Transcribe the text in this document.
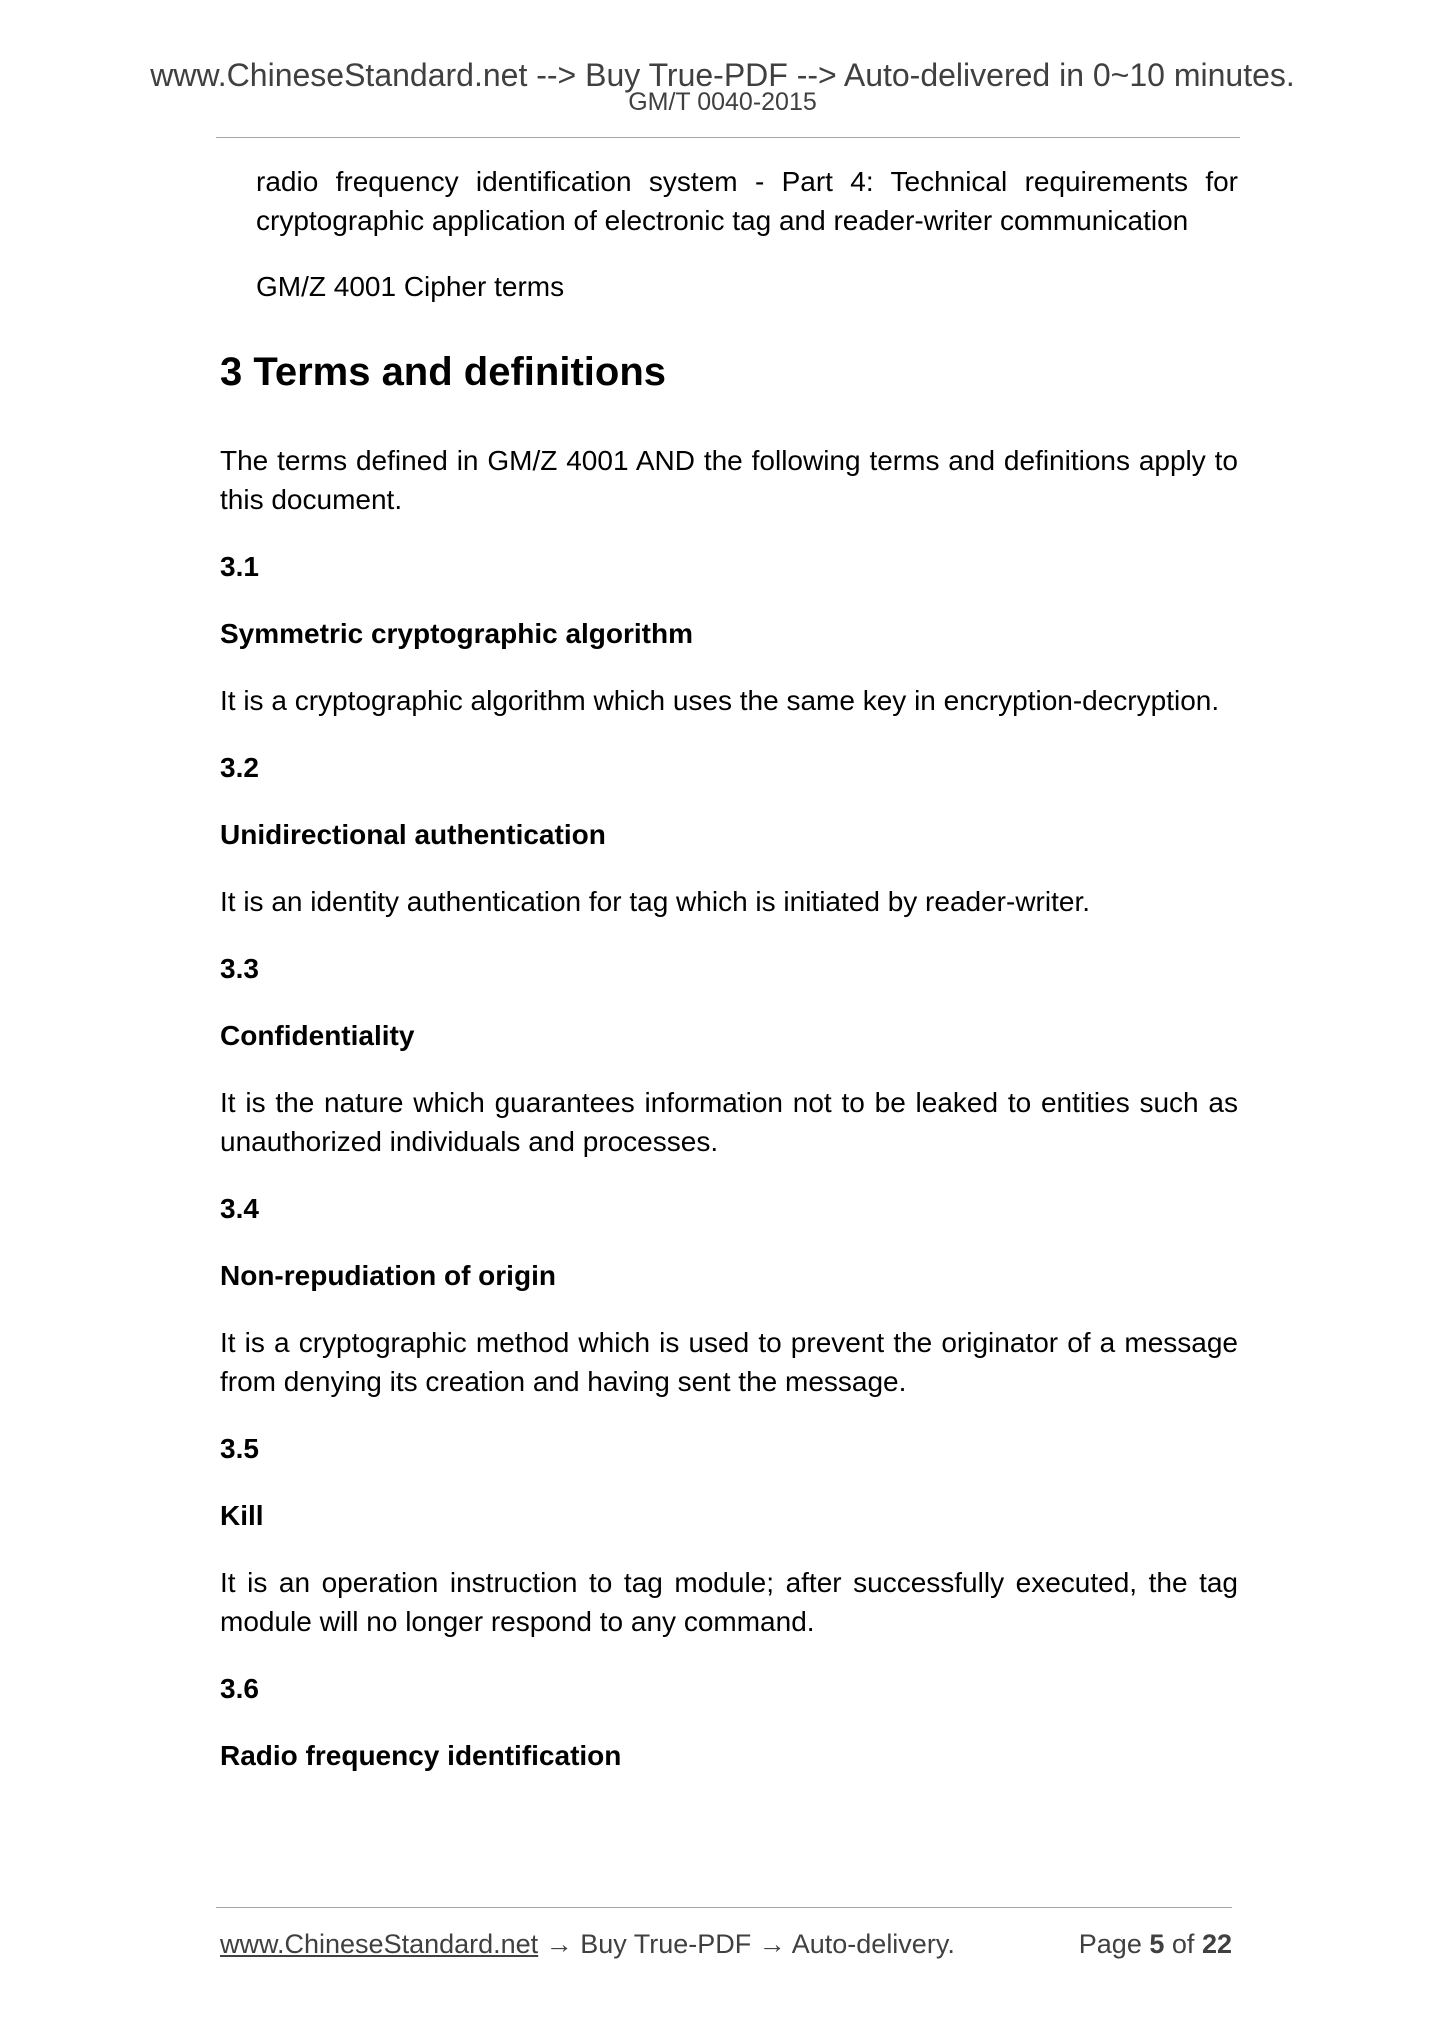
www.ChineseStandard.net --> Buy True-PDF --> Auto-delivered in 0~10 minutes.
GM/T 0040-2015
radio frequency identification system - Part 4: Technical requirements for cryptographic application of electronic tag and reader-writer communication
GM/Z 4001 Cipher terms
3 Terms and definitions
The terms defined in GM/Z 4001 AND the following terms and definitions apply to this document.
3.1
Symmetric cryptographic algorithm
It is a cryptographic algorithm which uses the same key in encryption-decryption.
3.2
Unidirectional authentication
It is an identity authentication for tag which is initiated by reader-writer.
3.3
Confidentiality
It is the nature which guarantees information not to be leaked to entities such as unauthorized individuals and processes.
3.4
Non-repudiation of origin
It is a cryptographic method which is used to prevent the originator of a message from denying its creation and having sent the message.
3.5
Kill
It is an operation instruction to tag module; after successfully executed, the tag module will no longer respond to any command.
3.6
Radio frequency identification
www.ChineseStandard.net → Buy True-PDF → Auto-delivery.	Page 5 of 22
